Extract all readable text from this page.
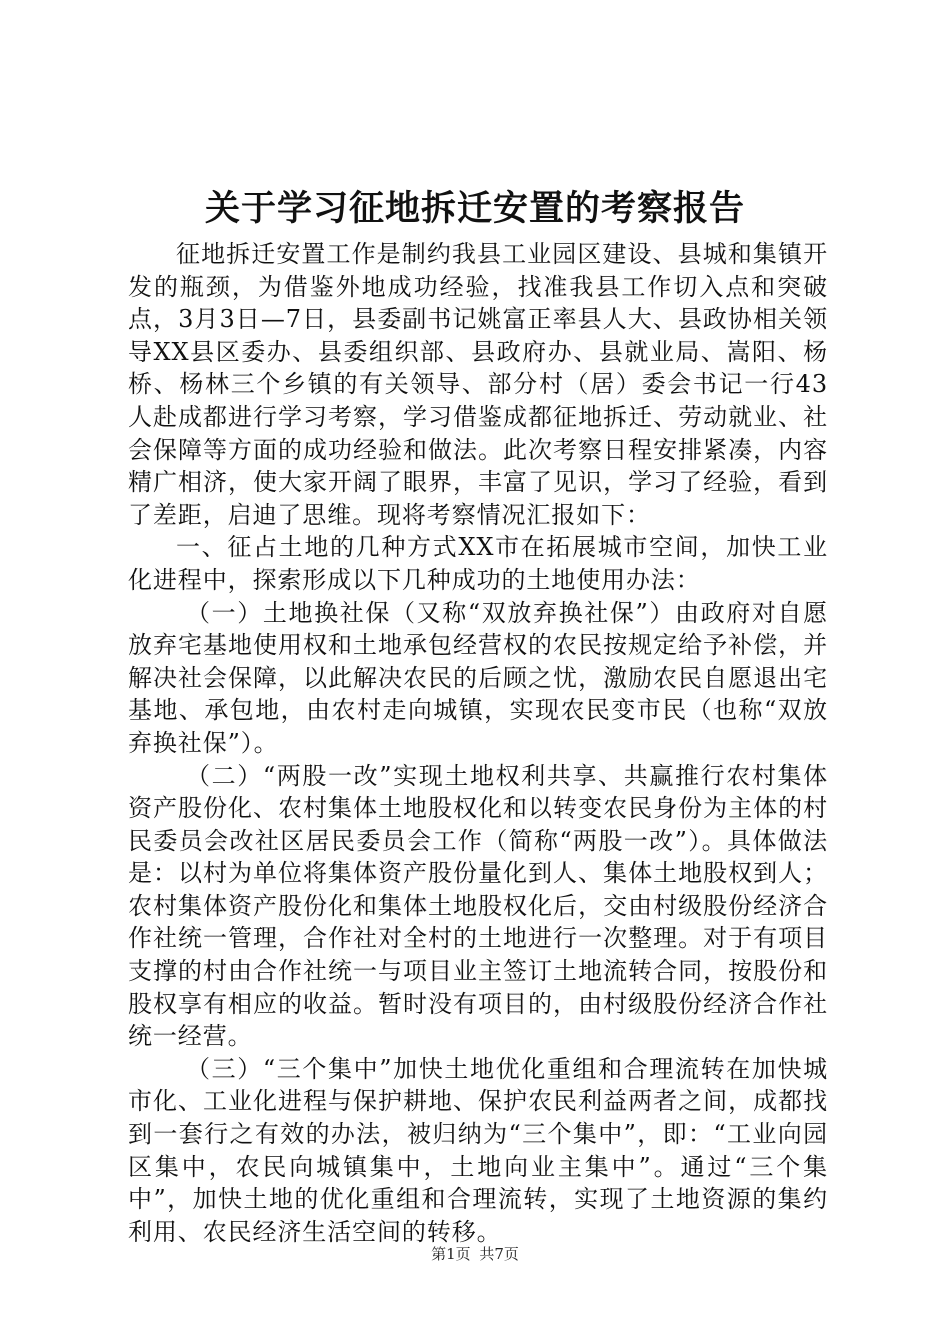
关于学习征地拆迁安置的考察报告

征地拆迁安置工作是制约我县工业园区建设、县城和集镇开发的瓶颈，为借鉴外地成功经验，找准我县工作切入点和突破点，3月3日—7日，县委副书记姚富正率县人大、县政协相关领导XX县区委办、县委组织部、县政府办、县就业局、嵩阳、杨桥、杨林三个乡镇的有关领导、部分村（居）委会书记一行43人赴成都进行学习考察，学习借鉴成都征地拆迁、劳动就业、社会保障等方面的成功经验和做法。此次考察日程安排紧凑，内容精广相济，使大家开阔了眼界，丰富了见识，学习了经验，看到了差距，启迪了思维。现将考察情况汇报如下：

一、征占土地的几种方式XX市在拓展城市空间，加快工业化进程中，探索形成以下几种成功的土地使用办法：

（一）土地换社保（又称“双放弃换社保”）由政府对自愿放弃宅基地使用权和土地承包经营权的农民按规定给予补偿，并解决社会保障，以此解决农民的后顾之忧，激励农民自愿退出宅基地、承包地，由农村走向城镇，实现农民变市民（也称“双放弃换社保”）。

（二）“两股一改”实现土地权利共享、共赢推行农村集体资产股份化、农村集体土地股权化和以转变农民身份为主体的村民委员会改社区居民委员会工作（简称“两股一改”）。具体做法是：以村为单位将集体资产股份量化到人、集体土地股权到人；农村集体资产股份化和集体土地股权化后，交由村级股份经济合作社统一管理，合作社对全村的土地进行一次整理。对于有项目支撑的村由合作社统一与项目业主签订土地流转合同，按股份和股权享有相应的收益。暂时没有项目的，由村级股份经济合作社统一经营。

（三）“三个集中”加快土地优化重组和合理流转在加快城市化、工业化进程与保护耕地、保护农民利益两者之间，成都找到一套行之有效的办法，被归纳为“三个集中”，即：“工业向园区集中，农民向城镇集中，土地向业主集中”。通过“三个集中”，加快土地的优化重组和合理流转，实现了土地资源的集约利用、农民经济生活空间的转移。

第1页 共7页
